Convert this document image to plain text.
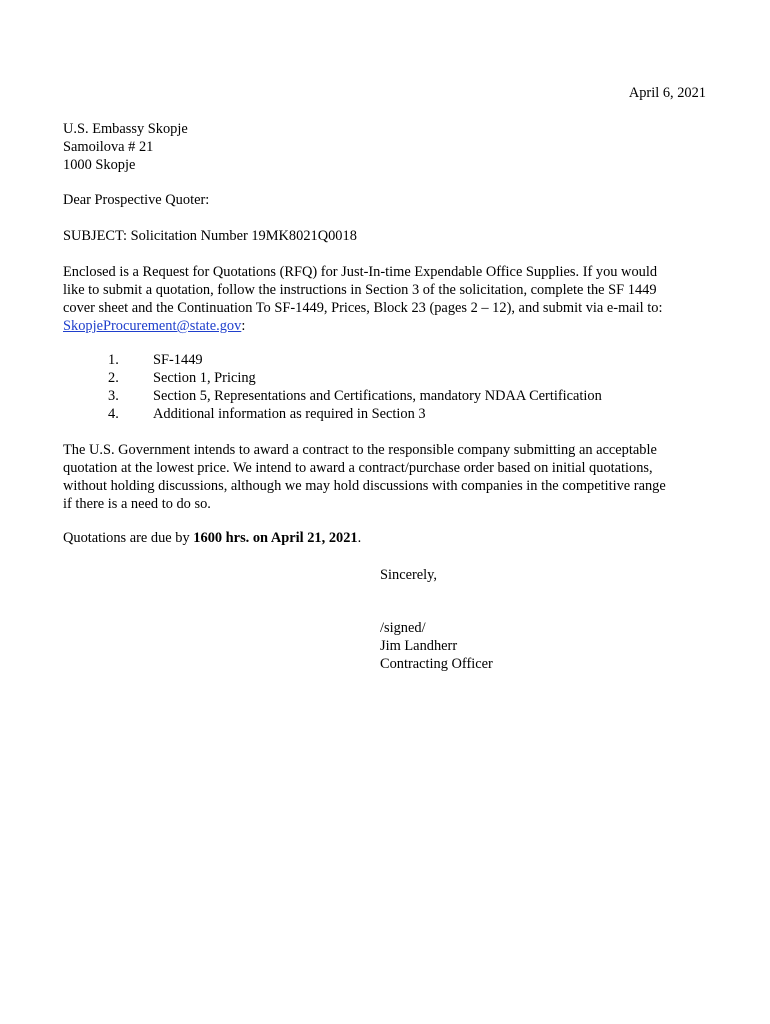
April 6, 2021
U.S. Embassy Skopje
Samoilova # 21
1000 Skopje
Dear Prospective Quoter:
SUBJECT: Solicitation Number 19MK8021Q0018
Enclosed is a Request for Quotations (RFQ) for Just-In-time Expendable Office Supplies. If you would
like to submit a quotation, follow the instructions in Section 3 of the solicitation, complete the SF 1449
cover sheet and the Continuation To SF-1449, Prices, Block 23 (pages 2 – 12), and submit via e-mail to:
SkopjeProcurement@state.gov:
1. SF-1449
2. Section 1, Pricing
3. Section 5, Representations and Certifications, mandatory NDAA Certification
4. Additional information as required in Section 3
The U.S. Government intends to award a contract to the responsible company submitting an acceptable
quotation at the lowest price. We intend to award a contract/purchase order based on initial quotations,
without holding discussions, although we may hold discussions with companies in the competitive range
if there is a need to do so.
Quotations are due by 1600 hrs. on April 21, 2021.
Sincerely,
/signed/
Jim Landherr
Contracting Officer
